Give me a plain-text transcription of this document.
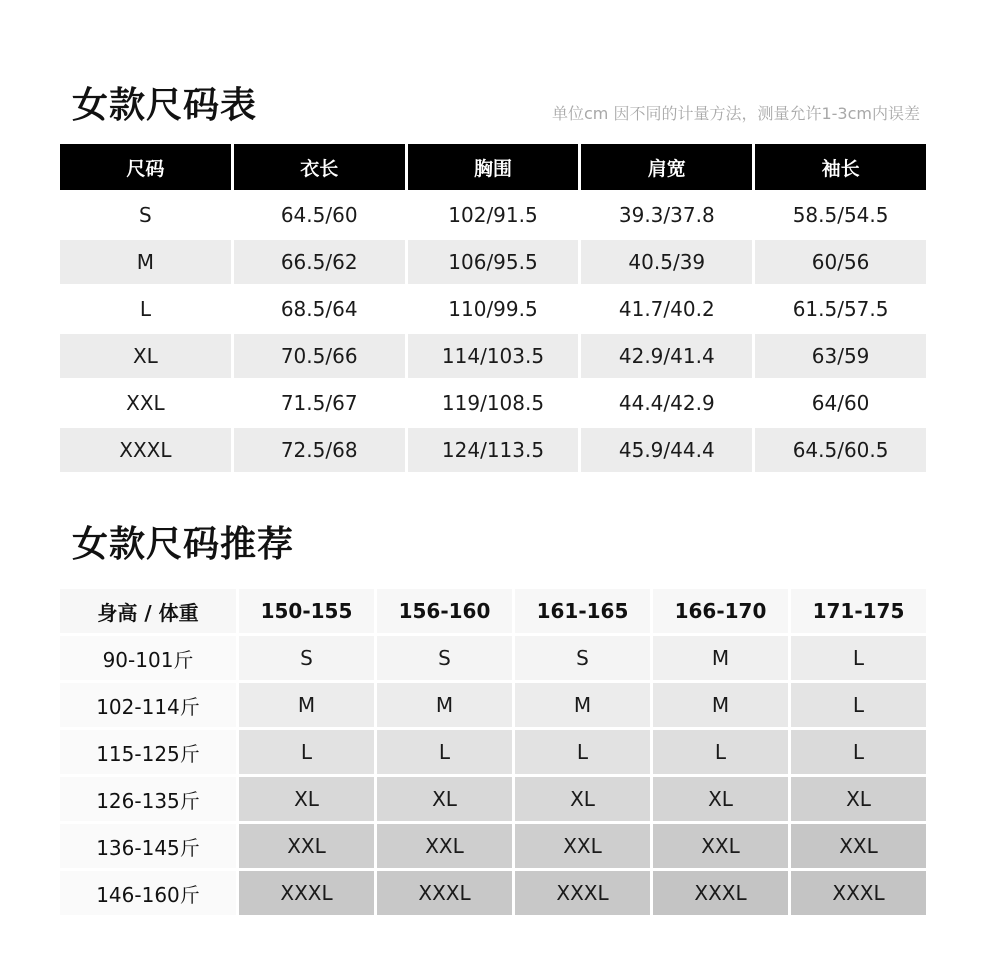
女款尺码表	单位cm 因不同的计量方法，测量允许1-3cm内误差
尺码	衣长	胸围	肩宽	袖长
S	64.5/60	102/91.5	39.3/37.8	58.5/54.5
M	66.5/62	106/95.5	40.5/39	60/56
L	68.5/64	110/99.5	41.7/40.2	61.5/57.5
XL	70.5/66	114/103.5	42.9/41.4	63/59
XXL	71.5/67	119/108.5	44.4/42.9	64/60
XXXL	72.5/68	124/113.5	45.9/44.4	64.5/60.5
女款尺码推荐
身高 / 体重	150-155	156-160	161-165	166-170	171-175
90-101斤	S	S	S	M	L
102-114斤	M	M	M	M	L
115-125斤	L	L	L	L	L
126-135斤	XL	XL	XL	XL	XL
136-145斤	XXL	XXL	XXL	XXL	XXL
146-160斤	XXXL	XXXL	XXXL	XXXL	XXXL
